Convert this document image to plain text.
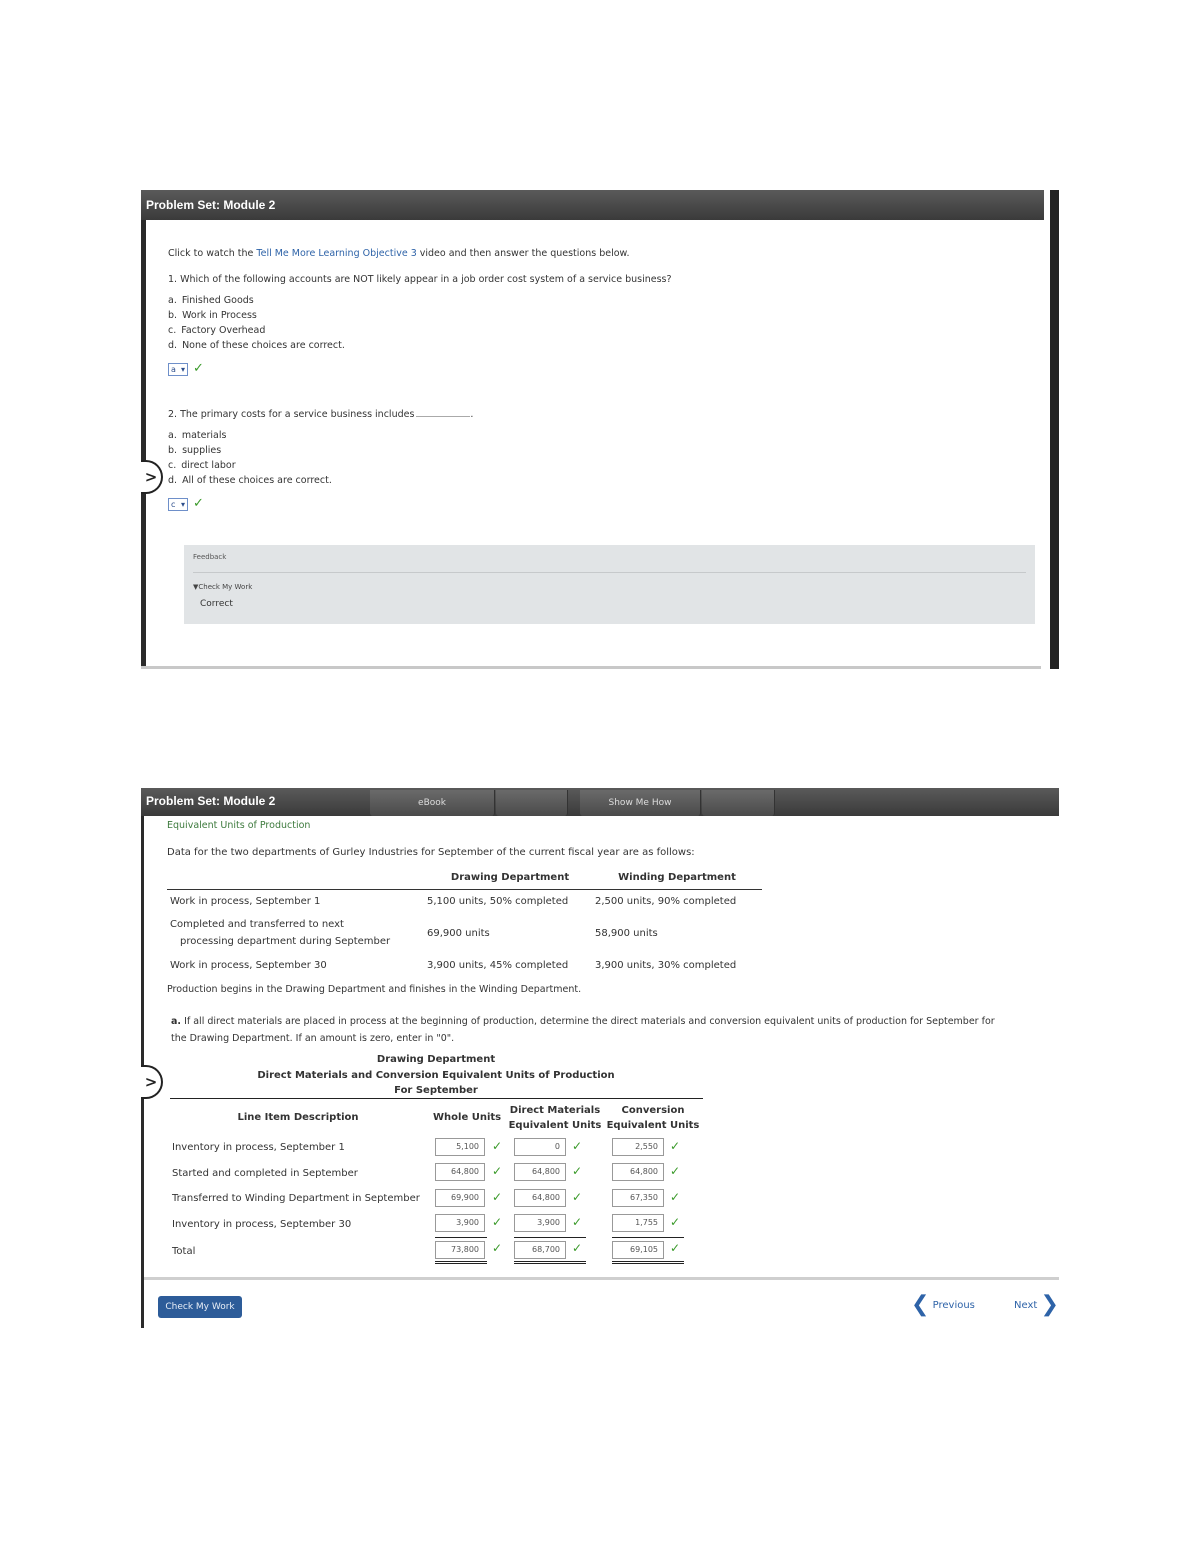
Problem Set: Module 2
Click to watch the Tell Me More Learning Objective 3 video and then answer the questions below.
1. Which of the following accounts are NOT likely appear in a job order cost system of a service business?
a. Finished Goods
b. Work in Process
c. Factory Overhead
d. None of these choices are correct.
a ▾	✓
2. The primary costs for a service business includes	.
a. materials
b. supplies
c. direct labor
d. All of these choices are correct.
c ▾	✓
>
Feedback
▼Check My Work
Correct
Problem Set: Module 2	eBook	Show Me How
Equivalent Units of Production
Data for the two departments of Gurley Industries for September of the current fiscal year are as follows:
Drawing Department	Winding Department
Work in process, September 1	5,100 units, 50% completed	2,500 units, 90% completed
Completed and transferred to next
processing department during September
69,900 units	58,900 units
Work in process, September 30	3,900 units, 45% completed	3,900 units, 30% completed
Production begins in the Drawing Department and finishes in the Winding Department.
a. If all direct materials are placed in process at the beginning of production, determine the direct materials and conversion equivalent units of production for September for
the Drawing Department. If an amount is zero, enter in "0".
Drawing Department
Direct Materials and Conversion Equivalent Units of Production
For September
Line Item Description	Whole Units
Direct Materials
Equivalent Units
Conversion
Equivalent Units
Inventory in process, September 1	5,100	✓	0	✓	2,550	✓
Started and completed in September	64,800	✓	64,800	✓	64,800	✓
Transferred to Winding Department in September	69,900	✓	64,800	✓	67,350	✓
Inventory in process, September 30	3,900	✓	3,900	✓	1,755	✓
Total	73,800	✓	68,700	✓	69,105	✓
>
Check My Work	❮ Previous	Next ❯
